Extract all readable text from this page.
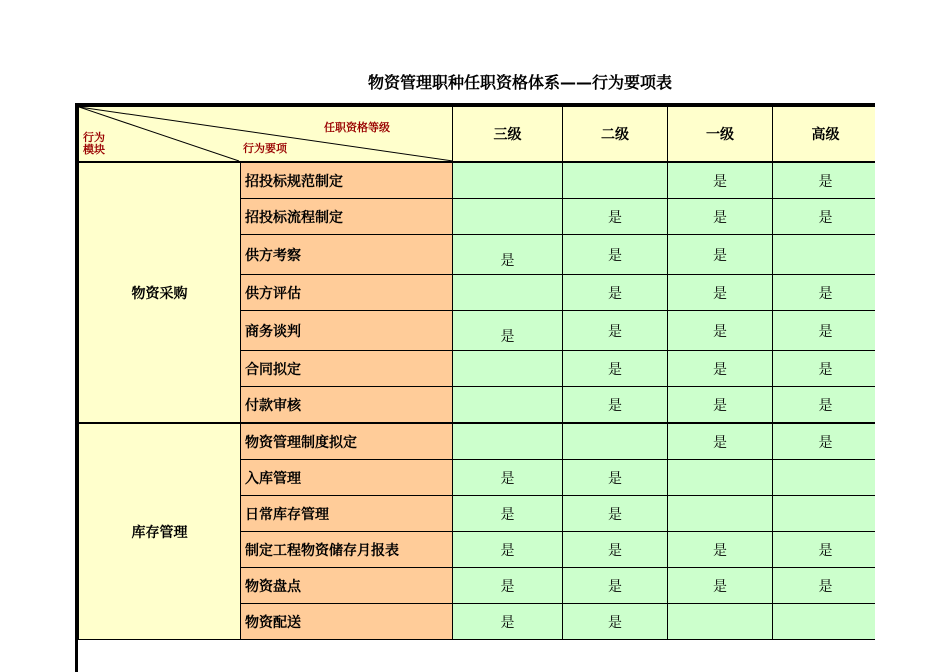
物资管理职种任职资格体系——行为要项表
任职资格等级
行为要项
行为
模块		三级	二级	一级	高级
物资采购	招投标规范制定			是	是
	招投标流程制定		是	是	是
	供方考察	是	是	是	
	供方评估		是	是	是
	商务谈判	是	是	是	是
	合同拟定		是	是	是
	付款审核		是	是	是
库存管理	物资管理制度拟定			是	是
	入库管理	是	是		
	日常库存管理	是	是		
	制定工程物资储存月报表	是	是	是	是
	物资盘点	是	是	是	是
	物资配送	是	是		
